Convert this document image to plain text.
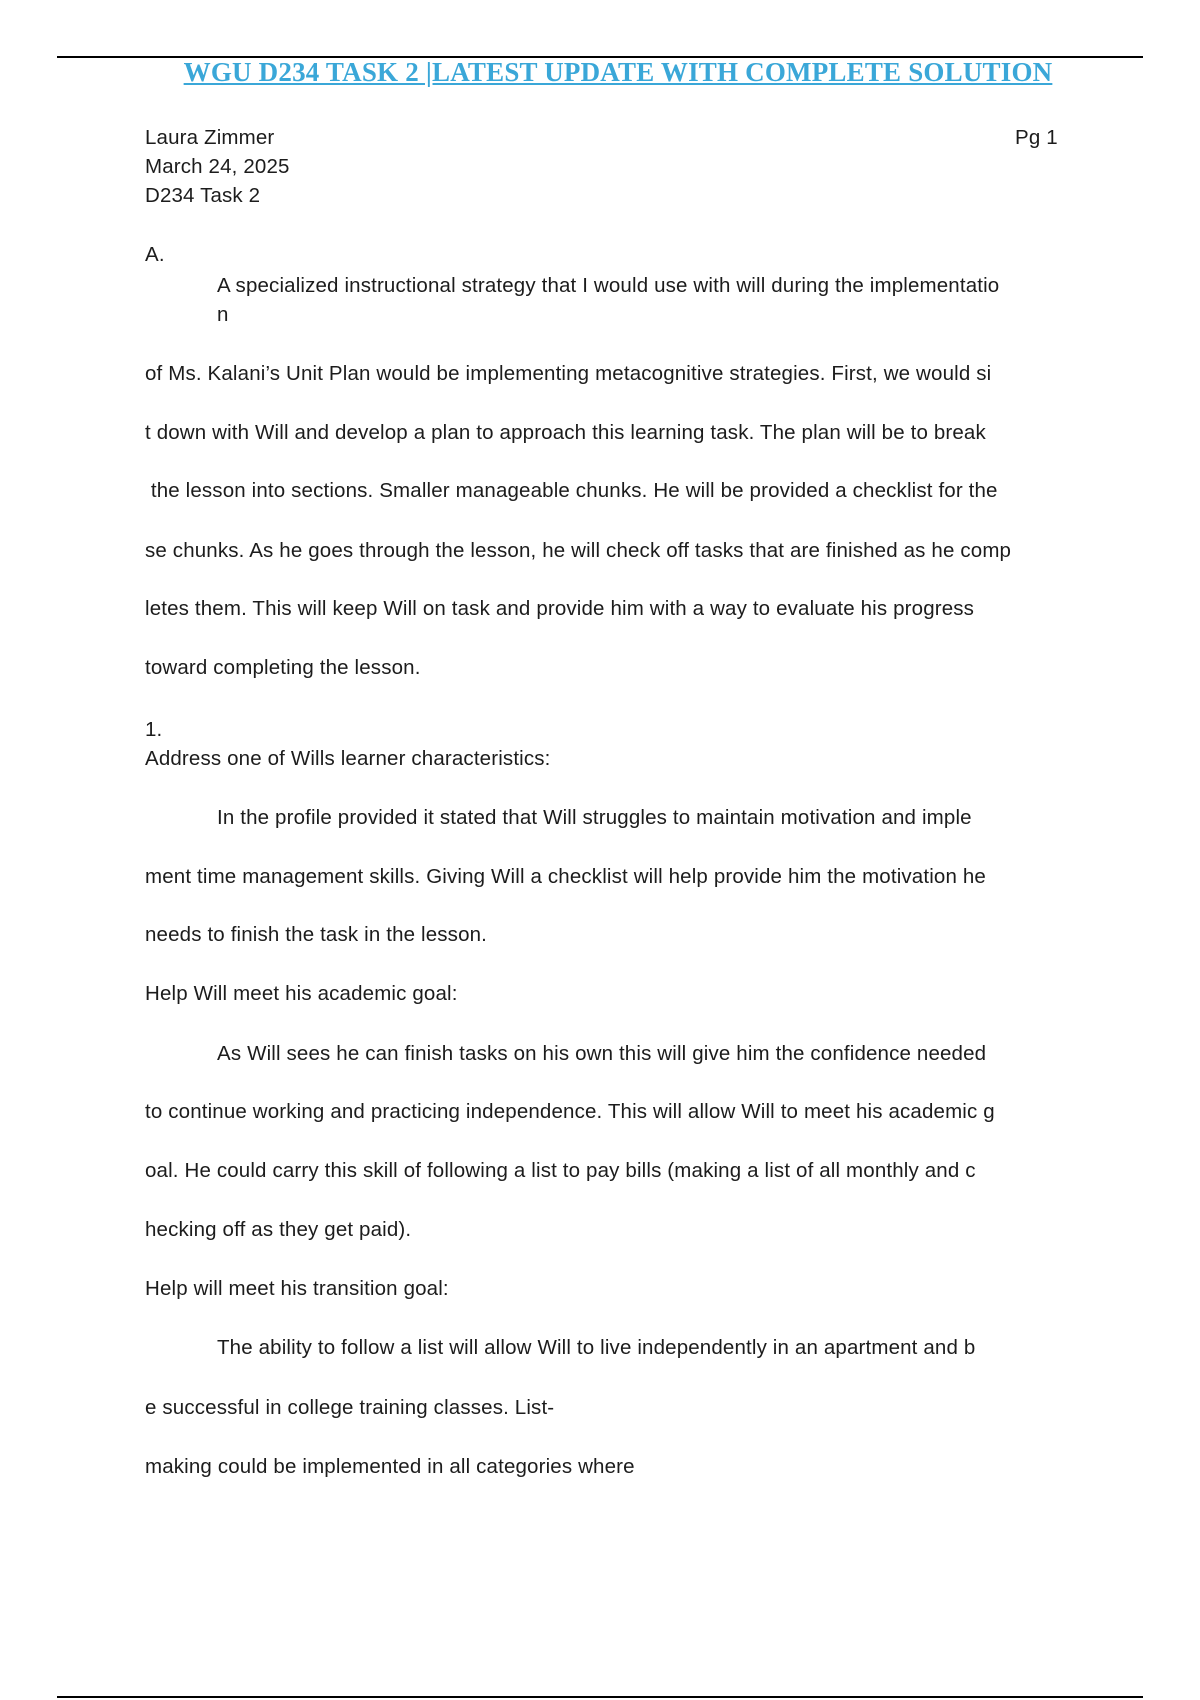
WGU D234 TASK 2 |LATEST UPDATE WITH COMPLETE SOLUTION
Laura Zimmer	Pg 1
March 24, 2025
D234 Task 2
A.
A specialized instructional strategy that I would use with will during the implementatio
n
of Ms. Kalani’s Unit Plan would be implementing metacognitive strategies. First, we would si
t down with Will and develop a plan to approach this learning task. The plan will be to break
the lesson into sections. Smaller manageable chunks. He will be provided a checklist for the
se chunks. As he goes through the lesson, he will check off tasks that are finished as he comp
letes them. This will keep Will on task and provide him with a way to evaluate his progress
toward completing the lesson.
1.
Address one of Wills learner characteristics:
In the profile provided it stated that Will struggles to maintain motivation and imple
ment time management skills. Giving Will a checklist will help provide him the motivation he
needs to finish the task in the lesson.
Help Will meet his academic goal:
As Will sees he can finish tasks on his own this will give him the confidence needed
to continue working and practicing independence. This will allow Will to meet his academic g
oal. He could carry this skill of following a list to pay bills (making a list of all monthly and c
hecking off as they get paid).
Help will meet his transition goal:
The ability to follow a list will allow Will to live independently in an apartment and b
e successful in college training classes. List-
making could be implemented in all categories where
